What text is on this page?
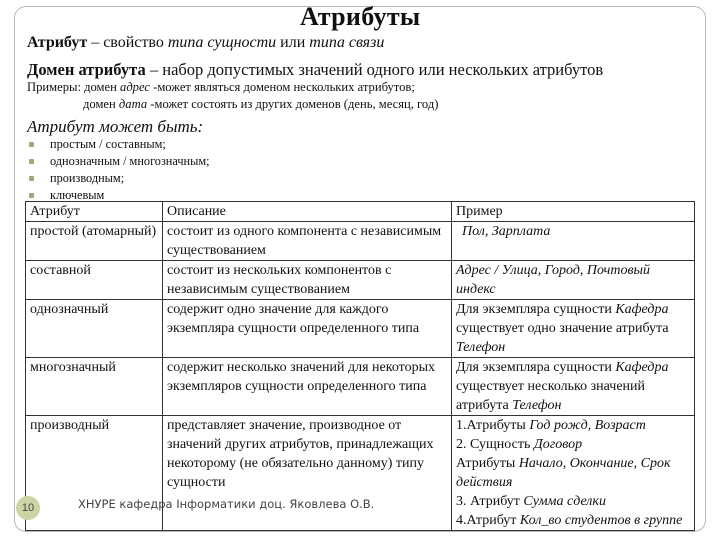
Атрибуты
Атрибут – свойство типа сущности или типа связи
Домен атрибута – набор допустимых значений одного или нескольких атрибутов
Примеры: домен адрес -может являться доменом нескольких атрибутов;
домен дата -может состоять из других доменов (день, месяц, год)
Атрибут может быть:
простым / составным;
однозначным / многозначным;
производным;
ключевым
Атрибут	Описание	Пример
простой (атомарный)	состоит из одного компонента с независимым существованием	Пол, Зарплата
составной	состоит из нескольких компонентов с независимым существованием	Адрес / Улица, Город, Почтовый индекс
однозначный	содержит одно значение для каждого экземпляра сущности определенного типа	Для экземпляра сущности Кафедра существует одно значение атрибута Телефон
многозначный	содержит несколько значений для некоторых экземпляров сущности определенного типа	Для экземпляра сущности Кафедра существует несколько значений атрибута Телефон
производный	представляет значение, производное от значений других атрибутов, принадлежащих некоторому (не обязательно данному) типу сущности	1.Атрибуты Год рожд, Возраст
2. Сущность Договор
Атрибуты Начало, Окончание, Срок действия
3. Атрибут Сумма сделки
4.Атрибут Кол_во студентов в группе
10	ХНУРЕ кафедра Інформатики доц. Яковлева О.В.
